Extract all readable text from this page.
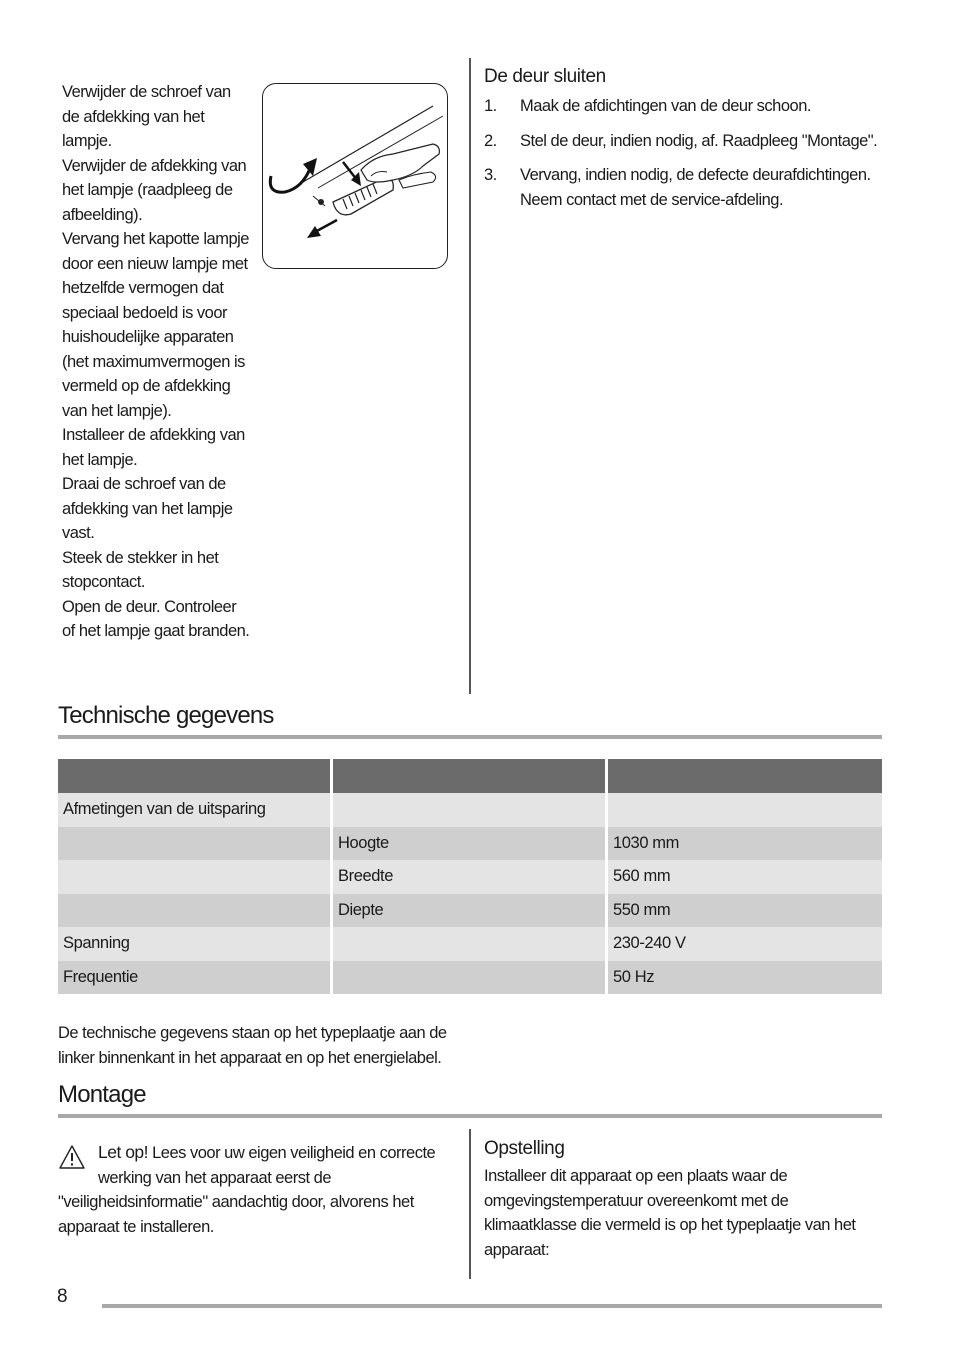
Verwijder de schroef van de afdekking van het lampje.

Verwijder de afdekking van het lampje (raadpleeg de afbeelding).

Vervang het kapotte lampje door een nieuw lampje met hetzelfde vermogen dat speciaal bedoeld is voor huishoudelijke apparaten (het maximumvermogen is vermeld op de afdekking van het lampje).

Installeer de afdekking van het lampje.

Draai de schroef van de afdekking van het lampje vast.

Steek de stekker in het stopcontact.

Open de deur. Controleer of het lampje gaat branden.

De deur sluiten
1.	Maak de afdichtingen van de deur schoon.
2.	Stel de deur, indien nodig, af. Raadpleeg "Montage".
3.	Vervang, indien nodig, de defecte deurafdichtingen. Neem contact met de service-afdeling.
Technische gegevens

Afmetingen van de uitsparing		
	Hoogte	1030 mm
	Breedte	560 mm
	Diepte	550 mm
Spanning		230-240 V
Frequentie		50 Hz

De technische gegevens staan op het typeplaatje aan de linker binnenkant in het apparaat en op het energielabel.

Montage
Let op! Lees voor uw eigen veiligheid en correcte werking van het apparaat eerst de
"veiligheidsinformatie" aandachtig door, alvorens het apparaat te installeren.
Opstelling

Installeer dit apparaat op een plaats waar de omgevingstemperatuur overeenkomt met de klimaatklasse die vermeld is op het typeplaatje van het apparaat:

8
